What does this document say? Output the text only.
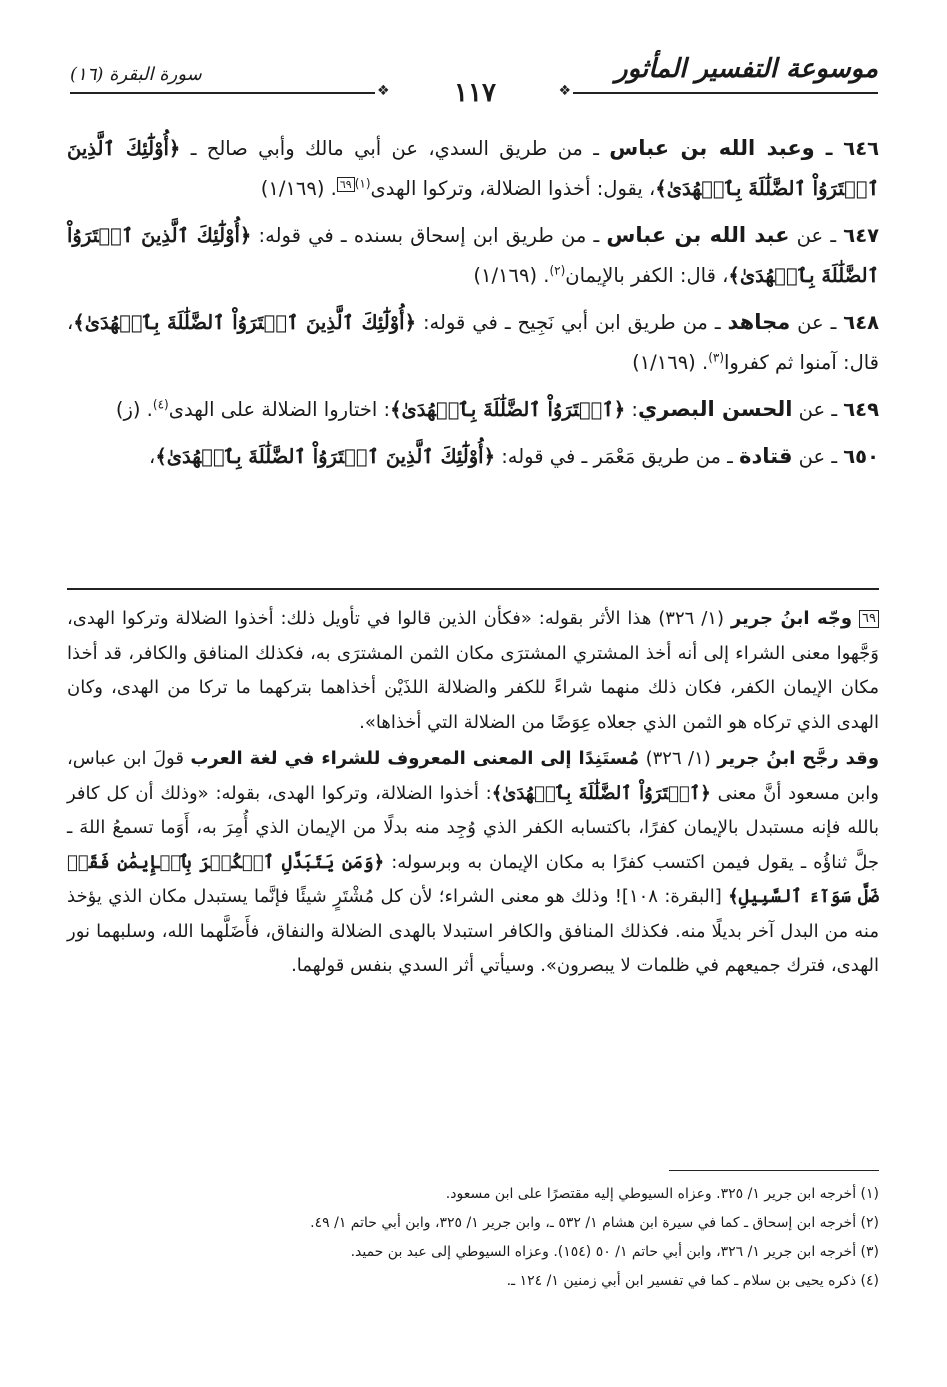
موسوعة التفسير المأثور
سورة البقرة (١٦)
❖
❖	١١٧

٦٤٦ ـ وعبد الله بن عباس ـ من طريق السدي، عن أبي مالك وأبي صالح ـ ﴿أُوْلَٰٓئِكَ ٱلَّذِينَ ٱشۡتَرَوُاْ ٱلضَّلَٰلَةَ بِٱلۡهُدَىٰ﴾، يقول: أخذوا الضلالة، وتركوا الهدى$^{(١)}$٦٩. (١/١٦٩)

٦٤٧ ـ عن عبد الله بن عباس ـ من طريق ابن إسحاق بسنده ـ في قوله: ﴿أُوْلَٰٓئِكَ ٱلَّذِينَ ٱشۡتَرَوُاْ ٱلضَّلَٰلَةَ بِٱلۡهُدَىٰ﴾، قال: الكفر بالإيمان$^{(٢)}$. (١/١٦٩)

٦٤٨ ـ عن مجاهد ـ من طريق ابن أبي نَجِيح ـ في قوله: ﴿أُوْلَٰٓئِكَ ٱلَّذِينَ ٱشۡتَرَوُاْ ٱلضَّلَٰلَةَ بِٱلۡهُدَىٰ﴾، قال: آمنوا ثم كفروا$^{(٣)}$. (١/١٦٩)

٦٤٩ ـ عن الحسن البصري: ﴿ٱشۡتَرَوُاْ ٱلضَّلَٰلَةَ بِٱلۡهُدَىٰ﴾: اختاروا الضلالة على الهدى$^{(٤)}$. (ز)

٦٥٠ ـ عن قتادة ـ من طريق مَعْمَر ـ في قوله: ﴿أُوْلَٰٓئِكَ ٱلَّذِينَ ٱشۡتَرَوُاْ ٱلضَّلَٰلَةَ بِٱلۡهُدَىٰ﴾،

٦٩ وجّه ابنُ جرير (١/ ٣٢٦) هذا الأثر بقوله: «فكأن الذين قالوا في تأويل ذلك: أخذوا الضلالة وتركوا الهدى، وَجَّهوا معنى الشراء إلى أنه أخذ المشتري المشترَى مكان الثمن المشترَى به، فكذلك المنافق والكافر، قد أخذا مكان الإيمان الكفر، فكان ذلك منهما شراءً للكفر والضلالة اللذَيْن أخذاهما بتركهما ما تركا من الهدى، وكان الهدى الذي تركاه هو الثمن الذي جعلاه عِوَضًا من الضلالة التي أخذاها».

وقد رجَّح ابنُ جرير (١/ ٣٢٦) مُستَنِدًا إلى المعنى المعروف للشراء في لغة العرب قولَ ابن عباس، وابن مسعود أنَّ معنى ﴿ٱشۡتَرَوُاْ ٱلضَّلَٰلَةَ بِٱلۡهُدَىٰ﴾: أخذوا الضلالة، وتركوا الهدى، بقوله: «وذلك أن كل كافر بالله فإنه مستبدل بالإيمان كفرًا، باكتسابه الكفر الذي وُجِد منه بدلًا من الإيمان الذي أُمِرَ به، أَوَما تسمعُ اللهَ ـ جلَّ ثناؤُه ـ يقول فيمن اكتسب كفرًا به مكان الإيمان به وبرسوله: ﴿وَمَن يَتَبَدَّلِ ٱلۡكُفۡرَ بِٱلۡإِيمَٰنِ فَقَدۡ ضَلَّ سَوَآءَ ٱلسَّبِيلِ﴾ [البقرة: ١٠٨]! وذلك هو معنى الشراء؛ لأن كل مُشْتَرٍ شيئًا فإنَّما يستبدل مكان الذي يؤخذ منه من البدل آخر بديلًا منه. فكذلك المنافق والكافر استبدلا بالهدى الضلالة والنفاق، فأَضَلَّهما الله، وسلبهما نور الهدى، فترك جميعهم في ظلمات لا يبصرون». وسيأتي أثر السدي بنفس قولهما.

(١) أخرجه ابن جرير ١/ ٣٢٥. وعزاه السيوطي إليه مقتصرًا على ابن مسعود.
(٢) أخرجه ابن إسحاق ـ كما في سيرة ابن هشام ١/ ٥٣٢ ـ، وابن جرير ١/ ٣٢٥، وابن أبي حاتم ١/ ٤٩.
(٣) أخرجه ابن جرير ١/ ٣٢٦، وابن أبي حاتم ١/ ٥٠ (١٥٤). وعزاه السيوطي إلى عبد بن حميد.
(٤) ذكره يحيى بن سلام ـ كما في تفسير ابن أبي زمنين ١/ ١٢٤ ـ.
